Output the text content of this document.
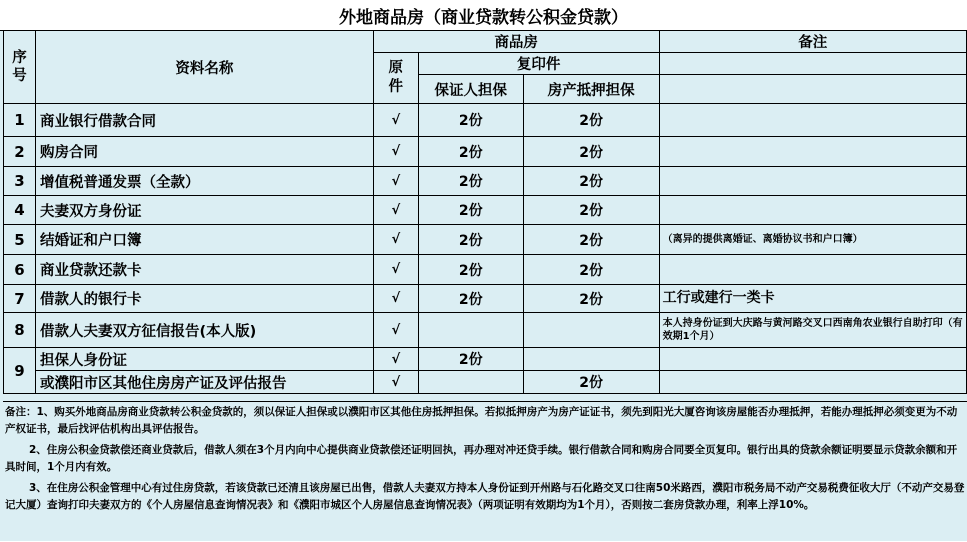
外地商品房（商业贷款转公积金贷款）
序号	资料名称	商品房			备注
		原件	复印件		
			保证人担保	房产抵押担保	
1	商业银行借款合同	√	2份	2份	
2	购房合同	√	2份	2份	
3	增值税普通发票（全款）	√	2份	2份	
4	夫妻双方身份证	√	2份	2份	
5	结婚证和户口簿	√	2份	2份	（离异的提供离婚证、离婚协议书和户口簿）
6	商业贷款还款卡	√	2份	2份	
7	借款人的银行卡	√	2份	2份	工行或建行一类卡
8	借款人夫妻双方征信报告(本人版)	√			本人持身份证到大庆路与黄河路交叉口西南角农业银行自助打印（有效期1个月）
9	担保人身份证	√	2份		
	或濮阳市区其他住房房产证及评估报告	√		2份	

备注：1、购买外地商品房商业贷款转公积金贷款的，须以保证人担保或以濮阳市区其他住房抵押担保。若拟抵押房产为房产证证书，须先到阳光大厦咨询该房屋能否办理抵押，若能办理抵押必须变更为不动产权证书，最后找评估机构出具评估报告。

2、住房公积金贷款偿还商业贷款后，借款人须在3个月内向中心提供商业贷款偿还证明回执，再办理对冲还贷手续。银行借款合同和购房合同要全页复印。银行出具的贷款余额证明要显示贷款余额和开具时间，1个月内有效。

3、在住房公积金管理中心有过住房贷款，若该贷款已还清且该房屋已出售，借款人夫妻双方持本人身份证到开州路与石化路交叉口往南50米路西，濮阳市税务局不动产交易税费征收大厅（不动产交易登记大厦）查询打印夫妻双方的《个人房屋信息查询情况表》和《濮阳市城区个人房屋信息查询情况表》（两项证明有效期均为1个月），否则按二套房贷款办理，利率上浮10%。
